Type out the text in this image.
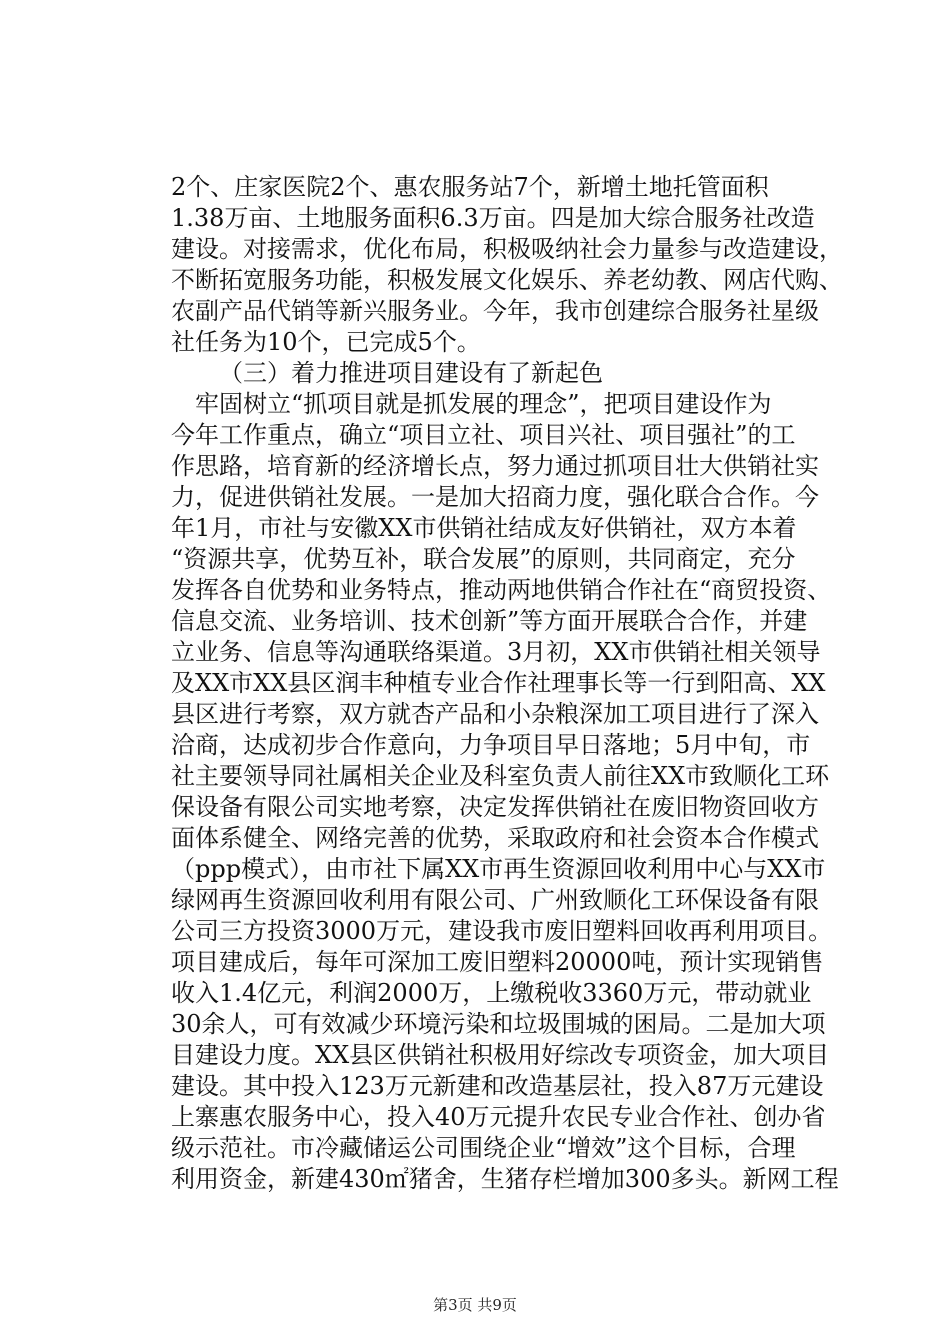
2个、庄家医院2个、惠农服务站7个，新增土地托管面积
1.38万亩、土地服务面积6.3万亩。四是加大综合服务社改造
建设。对接需求，优化布局，积极吸纳社会力量参与改造建设，
不断拓宽服务功能，积极发展文化娱乐、养老幼教、网店代购、
农副产品代销等新兴服务业。今年，我市创建综合服务社星级
社任务为10个，已完成5个。
（三）着力推进项目建设有了新起色
牢固树立“抓项目就是抓发展的理念”，把项目建设作为
今年工作重点，确立“项目立社、项目兴社、项目强社”的工
作思路，培育新的经济增长点，努力通过抓项目壮大供销社实
力，促进供销社发展。一是加大招商力度，强化联合合作。今
年1月，市社与安徽XX市供销社结成友好供销社，双方本着
“资源共享，优势互补，联合发展”的原则，共同商定，充分
发挥各自优势和业务特点，推动两地供销合作社在“商贸投资、
信息交流、业务培训、技术创新”等方面开展联合合作，并建
立业务、信息等沟通联络渠道。3月初，XX市供销社相关领导
及XX市XX县区润丰种植专业合作社理事长等一行到阳高、XX
县区进行考察，双方就杏产品和小杂粮深加工项目进行了深入
洽商，达成初步合作意向，力争项目早日落地；5月中旬，市
社主要领导同社属相关企业及科室负责人前往XX市致顺化工环
保设备有限公司实地考察，决定发挥供销社在废旧物资回收方
面体系健全、网络完善的优势，采取政府和社会资本合作模式
（ppp模式），由市社下属XX市再生资源回收利用中心与XX市
绿网再生资源回收利用有限公司、广州致顺化工环保设备有限
公司三方投资3000万元，建设我市废旧塑料回收再利用项目。
项目建成后，每年可深加工废旧塑料20000吨，预计实现销售
收入1.4亿元，利润2000万，上缴税收3360万元，带动就业
30余人，可有效减少环境污染和垃圾围城的困局。二是加大项
目建设力度。XX县区供销社积极用好综改专项资金，加大项目
建设。其中投入123万元新建和改造基层社，投入87万元建设
上寨惠农服务中心，投入40万元提升农民专业合作社、创办省
级示范社。市冷藏储运公司围绕企业“增效”这个目标，合理
利用资金，新建430㎡猪舍，生猪存栏增加300多头。新网工程
第3页 共9页
